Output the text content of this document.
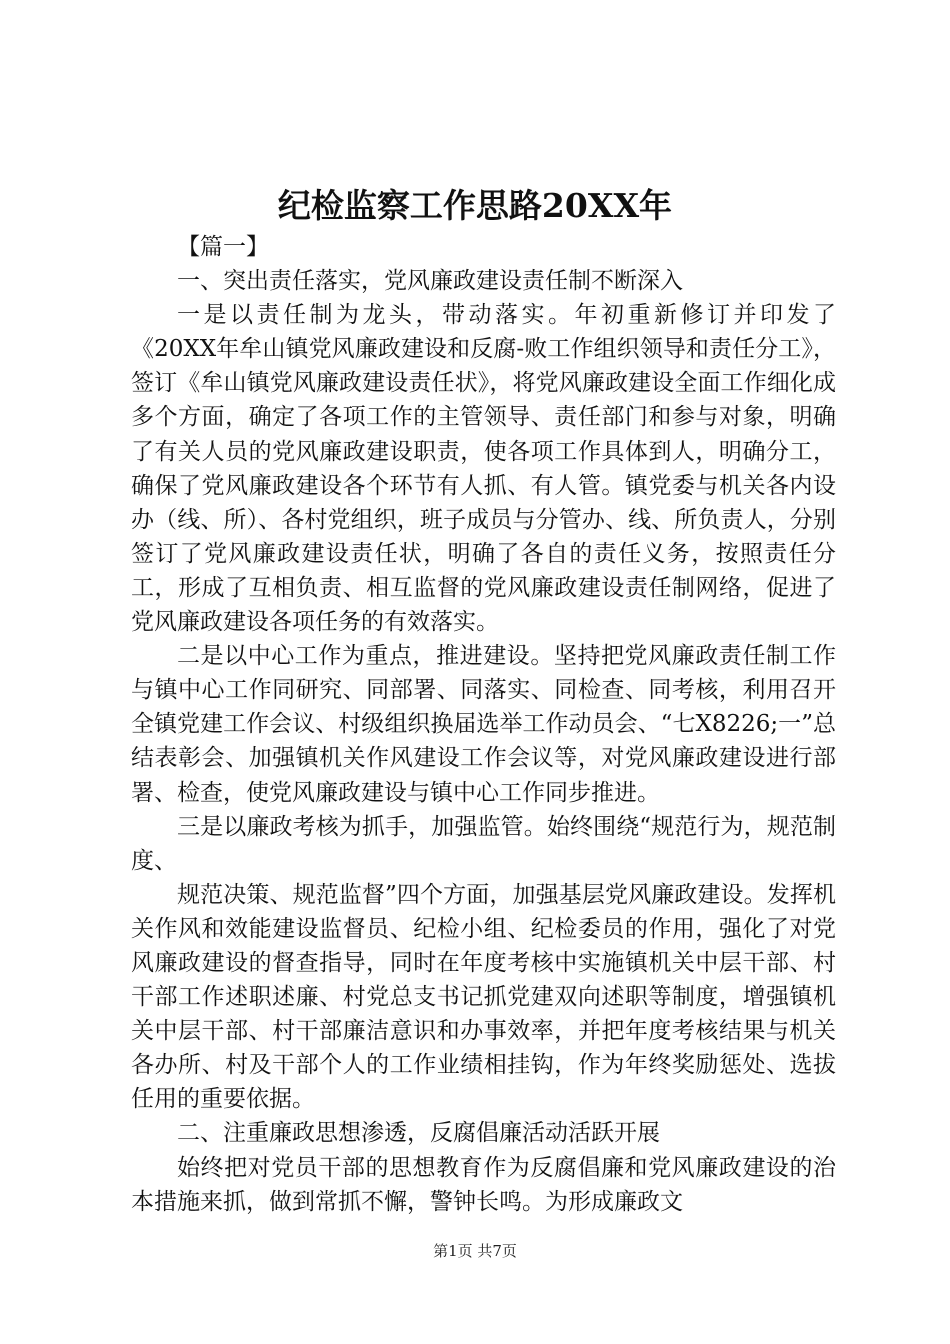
纪检监察工作思路20XX年

【篇一】

一、突出责任落实，党风廉政建设责任制不断深入

一是以责任制为龙头，带动落实。年初重新修订并印发了《20XX年牟山镇党风廉政建设和反腐-败工作组织领导和责任分工》，签订《牟山镇党风廉政建设责任状》，将党风廉政建设全面工作细化成多个方面，确定了各项工作的主管领导、责任部门和参与对象，明确了有关人员的党风廉政建设职责，使各项工作具体到人，明确分工，确保了党风廉政建设各个环节有人抓、有人管。镇党委与机关各内设办（线、所）、各村党组织，班子成员与分管办、线、所负责人，分别签订了党风廉政建设责任状，明确了各自的责任义务，按照责任分工，形成了互相负责、相互监督的党风廉政建设责任制网络，促进了党风廉政建设各项任务的有效落实。

二是以中心工作为重点，推进建设。坚持把党风廉政责任制工作与镇中心工作同研究、同部署、同落实、同检查、同考核，利用召开全镇党建工作会议、村级组织换届选举工作动员会、“七X8226;一”总结表彰会、加强镇机关作风建设工作会议等，对党风廉政建设进行部署、检查，使党风廉政建设与镇中心工作同步推进。

三是以廉政考核为抓手，加强监管。始终围绕“规范行为，规范制度、

规范决策、规范监督”四个方面，加强基层党风廉政建设。发挥机关作风和效能建设监督员、纪检小组、纪检委员的作用，强化了对党风廉政建设的督查指导，同时在年度考核中实施镇机关中层干部、村干部工作述职述廉、村党总支书记抓党建双向述职等制度，增强镇机关中层干部、村干部廉洁意识和办事效率，并把年度考核结果与机关各办所、村及干部个人的工作业绩相挂钩，作为年终奖励惩处、选拔任用的重要依据。

二、注重廉政思想渗透，反腐倡廉活动活跃开展

始终把对党员干部的思想教育作为反腐倡廉和党风廉政建设的治本措施来抓，做到常抓不懈，警钟长鸣。为形成廉政文

第1页 共7页
